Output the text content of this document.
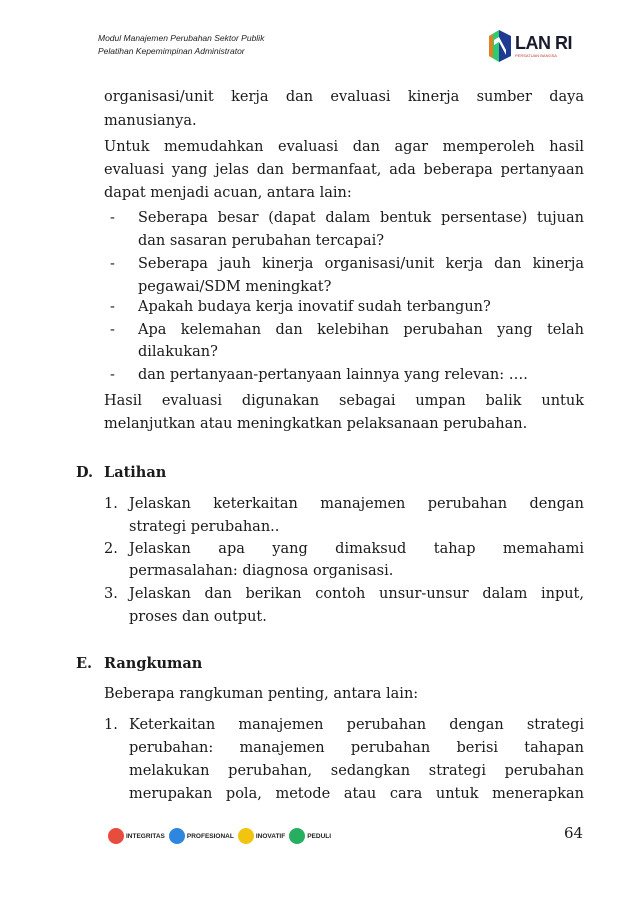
Modul Manajemen Perubahan Sektor Publik
Pelatihan Kepemimpinan Administrator	LAN RI
PERSATUAN BANGSA
organisasi/unit kerja dan evaluasi kinerja sumber daya
manusianya.
Untuk memudahkan evaluasi dan agar memperoleh hasil
evaluasi yang jelas dan bermanfaat, ada beberapa pertanyaan
dapat menjadi acuan, antara lain:
- Seberapa besar (dapat dalam bentuk persentase) tujuan
dan sasaran perubahan tercapai?
- Seberapa jauh kinerja organisasi/unit kerja dan kinerja
pegawai/SDM meningkat?
- Apakah budaya kerja inovatif sudah terbangun?
- Apa kelemahan dan kelebihan perubahan yang telah
dilakukan?
- dan pertanyaan-pertanyaan lainnya yang relevan: ….
Hasil evaluasi digunakan sebagai umpan balik untuk
melanjutkan atau meningkatkan pelaksanaan perubahan.
D. Latihan
1. Jelaskan keterkaitan manajemen perubahan dengan
strategi perubahan..
2. Jelaskan apa yang dimaksud tahap memahami
permasalahan: diagnosa organisasi.
3. Jelaskan dan berikan contoh unsur-unsur dalam input,
proses dan output.
E. Rangkuman
Beberapa rangkuman penting, antara lain:
1. Keterkaitan manajemen perubahan dengan strategi
perubahan: manajemen perubahan berisi tahapan
melakukan perubahan, sedangkan strategi perubahan
merupakan pola, metode atau cara untuk menerapkan
INTEGRITAS	PROFESIONAL	INOVATIF	PEDULI	64
